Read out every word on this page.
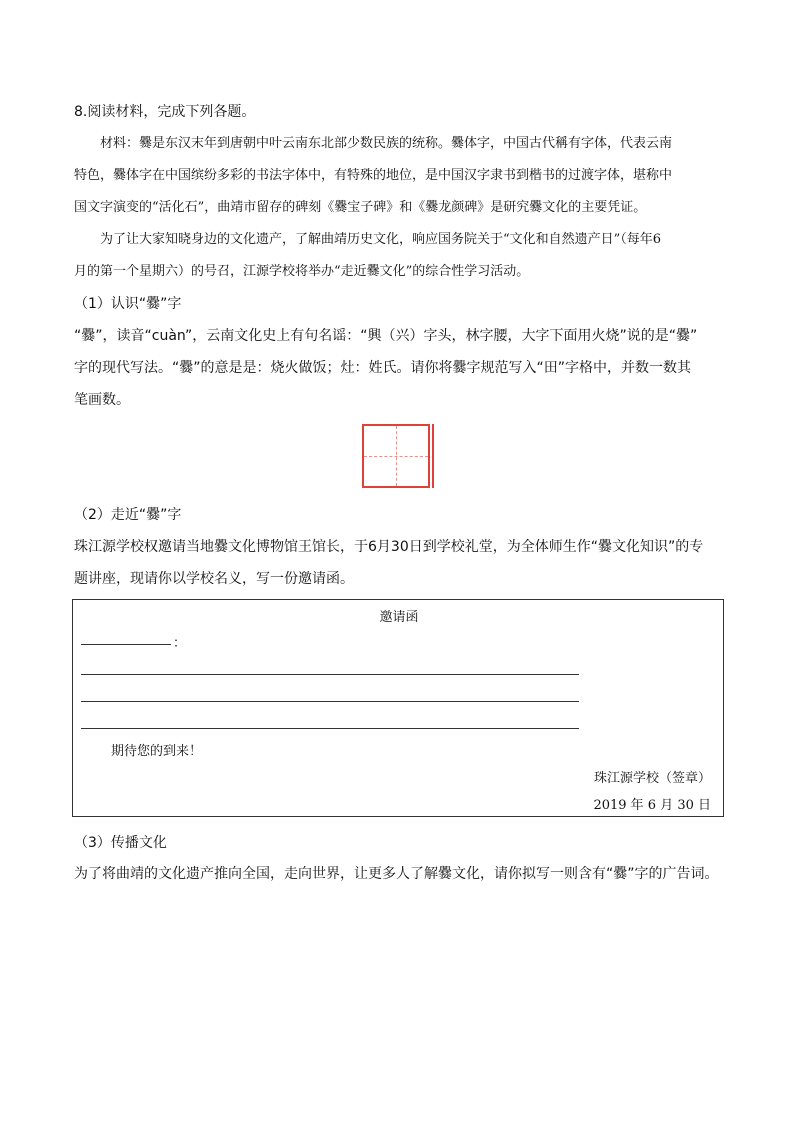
8.阅读材料，完成下列各题。
材料：爨是东汉末年到唐朝中叶云南东北部少数民族的统称。爨体字，中国古代稱有字体，代表云南
特色，爨体字在中国缤纷多彩的书法字体中，有特殊的地位，是中国汉字隶书到楷书的过渡字体，堪称中
国文字演变的“活化石”，曲靖市留存的碑刻《爨宝子碑》和《爨龙颜碑》是研究爨文化的主要凭证。
为了让大家知晓身边的文化遗产，了解曲靖历史文化，响应国务院关于“文化和自然遗产日”（每年6
月的第一个星期六）的号召，江源学校将举办“走近爨文化”的综合性学习活动。
（1）认识“爨”字
“爨”，读音“cuàn”，云南文化史上有句名谣：“興（兴）字头，林字腰，大字下面用火烧”说的是“爨”
字的现代写法。“爨”的意是是：烧火做饭；灶：姓氏。请你将爨字规范写入“田”字格中，并数一数其
笔画数。
（2）走近“爨”字
珠江源学校权邀请当地爨文化博物馆王馆长，于6月30日到学校礼堂，为全体师生作“爨文化知识”的专
题讲座，现请你以学校名义，写一份邀请函。
邀请函
：
期待您的到来！
珠江源学校（签章）
2019 年 6 月 30 日
（3）传播文化
为了将曲靖的文化遗产推向全国，走向世界，让更多人了解爨文化，请你拟写一则含有“爨”字的广告词。
